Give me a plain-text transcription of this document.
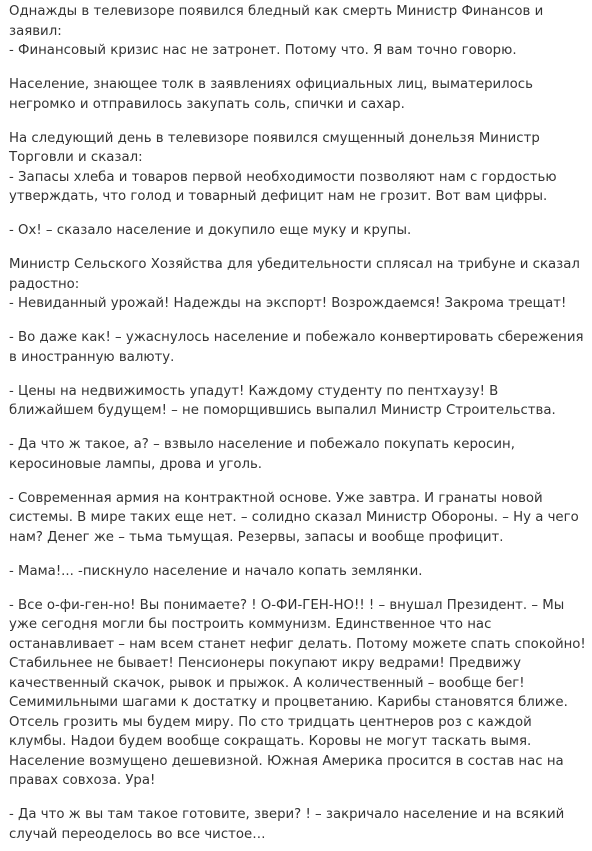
Однажды в телевизоре появился бледный как смерть Министр Финансов и заявил:
- Финансовый кризис нас не затронет. Потому что. Я вам точно говорю.

Население, знающее толк в заявлениях официальных лиц, выматерилось негромко и отправилось закупать соль, спички и сахар.

На следующий день в телевизоре появился смущенный донельзя Министр Торговли и сказал:
- Запасы хлеба и товаров первой необходимости позволяют нам с гордостью утверждать, что голод и товарный дефицит нам не грозит. Вот вам цифры.

- Ох! – сказало население и докупило еще муку и крупы.

Министр Сельского Хозяйства для убедительности сплясал на трибуне и сказал радостно:
- Невиданный урожай! Надежды на экспорт! Возрождаемся! Закрома трещат!

- Во даже как! – ужаснулось население и побежало конвертировать сбережения в иностранную валюту.

- Цены на недвижимость упадут! Каждому студенту по пентхаузу! В ближайшем будущем! – не поморщившись выпалил Министр Строительства.

- Да что ж такое, а? – взвыло население и побежало покупать керосин, керосиновые лампы, дрова и уголь.

- Современная армия на контрактной основе. Уже завтра. И гранаты новой системы. В мире таких еще нет. – солидно сказал Министр Обороны. – Ну а чего нам? Денег же – тьма тьмущая. Резервы, запасы и вообще профицит.

- Мама!... -пискнуло население и начало копать землянки.

- Все о-фи-ген-но! Вы понимаете? ! О-ФИ-ГЕН-НО!! ! – внушал Президент. – Мы уже сегодня могли бы построить коммунизм. Единственное что нас останавливает – нам всем станет нефиг делать. Потому можете спать спокойно! Стабильнее не бывает! Пенсионеры покупают икру ведрами! Предвижу качественный скачок, рывок и прыжок. А количественный – вообще бег! Семимильными шагами к достатку и процветанию. Карибы становятся ближе. Отсель грозить мы будем миру. По сто тридцать центнеров роз с каждой клумбы. Надои будем вообще сокращать. Коровы не могут таскать вымя. Население возмущено дешевизной. Южная Америка просится в состав нас на правах совхоза. Ура!

- Да что ж вы там такое готовите, звери? ! – закричало население и на всякий случай переоделось во все чистое…
